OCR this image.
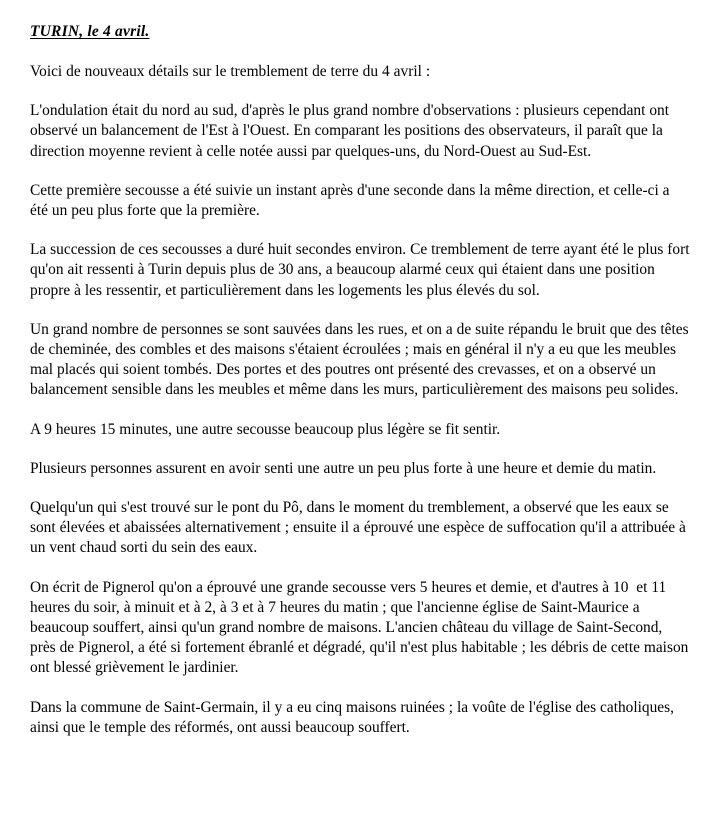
TURIN, le 4 avril.

Voici de nouveaux détails sur le tremblement de terre du 4 avril :

L'ondulation était du nord au sud, d'après le plus grand nombre d'observations : plusieurs cependant ont observé un balancement de l'Est à l'Ouest. En comparant les positions des observateurs, il paraît que la direction moyenne revient à celle notée aussi par quelques-uns, du Nord-Ouest au Sud-Est.

Cette première secousse a été suivie un instant après d'une seconde dans la même direction, et celle-ci a été un peu plus forte que la première.

La succession de ces secousses a duré huit secondes environ. Ce tremblement de terre ayant été le plus fort qu'on ait ressenti à Turin depuis plus de 30 ans, a beaucoup alarmé ceux qui étaient dans une position propre à les ressentir, et particulièrement dans les logements les plus élevés du sol.

Un grand nombre de personnes se sont sauvées dans les rues, et on a de suite répandu le bruit que des têtes de cheminée, des combles et des maisons s'étaient écroulées ; mais en général il n'y a eu que les meubles mal placés qui soient tombés. Des portes et des poutres ont présenté des crevasses, et on a observé un balancement sensible dans les meubles et même dans les murs, particulièrement des maisons peu solides.

A 9 heures 15 minutes, une autre secousse beaucoup plus légère se fit sentir.

Plusieurs personnes assurent en avoir senti une autre un peu plus forte à une heure et demie du matin.

Quelqu'un qui s'est trouvé sur le pont du Pô, dans le moment du tremblement, a observé que les eaux se sont élevées et abaissées alternativement ; ensuite il a éprouvé une espèce de suffocation qu'il a attribuée à un vent chaud sorti du sein des eaux.

On écrit de Pignerol qu'on a éprouvé une grande secousse vers 5 heures et demie, et d'autres à 10  et 11 heures du soir, à minuit et à 2, à 3 et à 7 heures du matin ; que l'ancienne église de Saint-Maurice a beaucoup souffert, ainsi qu'un grand nombre de maisons. L'ancien château du village de Saint-Second, près de Pignerol, a été si fortement ébranlé et dégradé, qu'il n'est plus habitable ; les débris de cette maison ont blessé grièvement le jardinier.

Dans la commune de Saint-Germain, il y a eu cinq maisons ruinées ; la voûte de l'église des catholiques, ainsi que le temple des réformés, ont aussi beaucoup souffert.
